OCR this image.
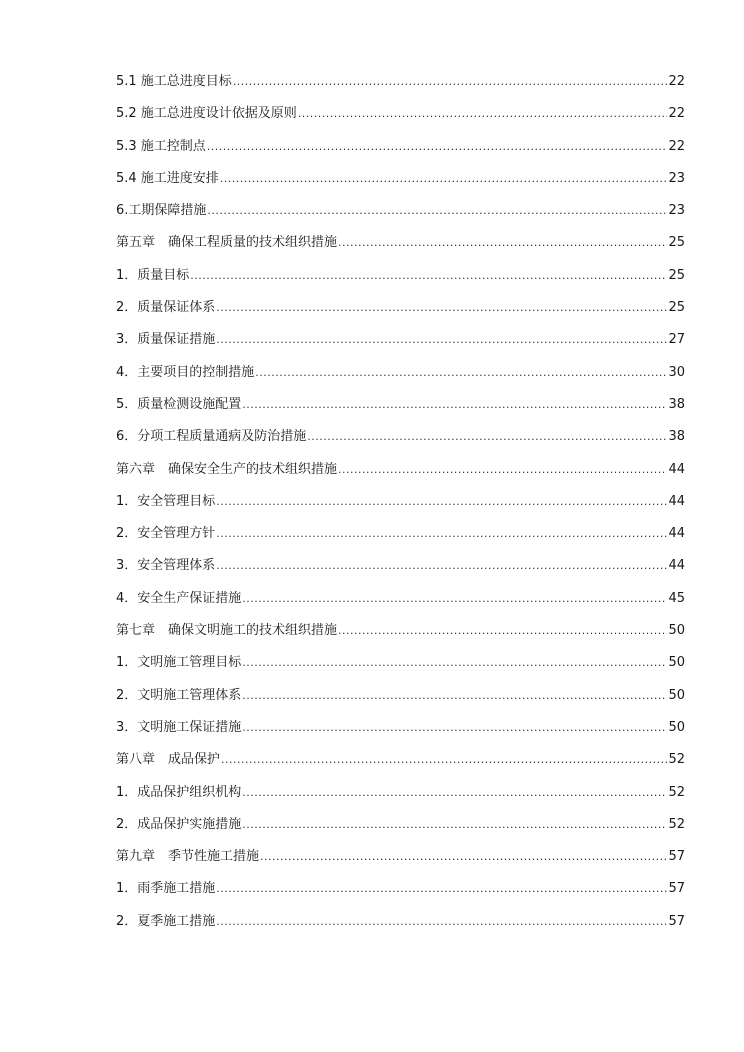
5.1 施工总进度目标 .....	22
5.2 施工总进度设计依据及原则 .....	22
5.3 施工控制点 .....	22
5.4 施工进度安排 .....	23
6.工期保障措施 .....	23
第五章　确保工程质量的技术组织措施 .....	25
1．质量目标 .....	25
2．质量保证体系 .....	25
3．质量保证措施 .....	27
4．主要项目的控制措施 .....	30
5．质量检测设施配置 .....	38
6．分项工程质量通病及防治措施 .....	38
第六章　确保安全生产的技术组织措施 .....	44
1．安全管理目标 .....	44
2．安全管理方针 .....	44
3．安全管理体系 .....	44
4．安全生产保证措施 .....	45
第七章　确保文明施工的技术组织措施 .....	50
1．文明施工管理目标 .....	50
2．文明施工管理体系 .....	50
3．文明施工保证措施 .....	50
第八章　成品保护 .....	52
1．成品保护组织机构 .....	52
2．成品保护实施措施 .....	52
第九章　季节性施工措施 .....	57
1．雨季施工措施 .....	57
2．夏季施工措施 .....	57
